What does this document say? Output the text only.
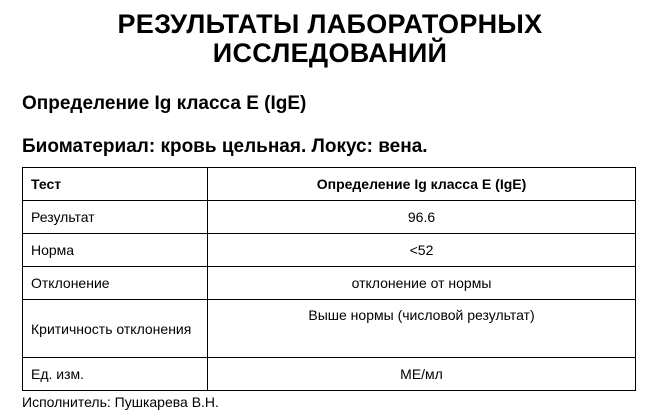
РЕЗУЛЬТАТЫ ЛАБОРАТОРНЫХ
ИССЛЕДОВАНИЙ
Определение Ig класса E (IgE)
Биоматериал: кровь цельная. Локус: вена.
Тест	Определение Ig класса E (IgE)
Результат	96.6
Норма	<52
Отклонение	отклонение от нормы
Критичность отклонения	Выше нормы (числовой результат)
Ед. изм.	МЕ/мл
Исполнитель: Пушкарева В.Н.
